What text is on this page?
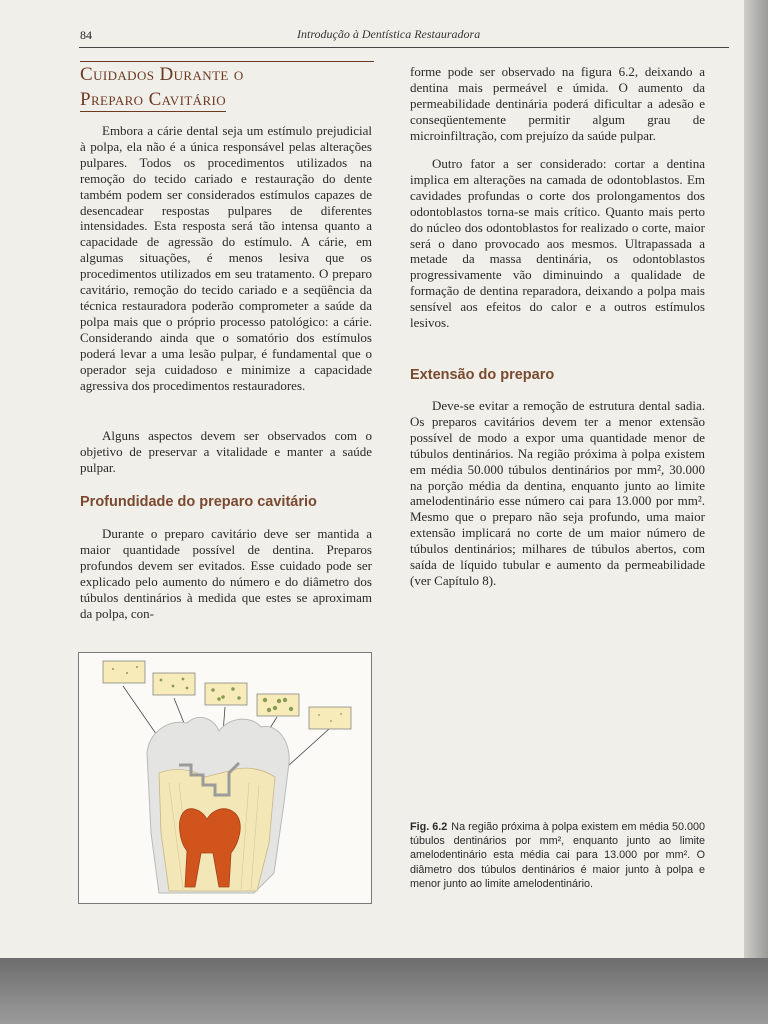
84	Introdução à Dentística Restauradora
Cuidados Durante o
Preparo Cavitário

Embora a cárie dental seja um estímulo prejudicial à polpa, ela não é a única responsável pelas alterações pulpares. Todos os procedimentos utilizados na remoção do tecido cariado e restauração do dente também podem ser considerados estímulos capazes de desencadear respostas pulpares de diferentes intensidades. Esta resposta será tão intensa quanto a capacidade de agressão do estímulo. A cárie, em algumas situações, é menos lesiva que os procedimentos utilizados em seu tratamento. O preparo cavitário, remoção do tecido cariado e a seqüência da técnica restauradora poderão comprometer a saúde da polpa mais que o próprio processo patológico: a cárie. Considerando ainda que o somatório dos estímulos poderá levar a uma lesão pulpar, é fundamental que o operador seja cuidadoso e minimize a capacidade agressiva dos procedimentos restauradores.

Alguns aspectos devem ser observados com o objetivo de preservar a vitalidade e manter a saúde pulpar.

Profundidade do preparo cavitário

Durante o preparo cavitário deve ser mantida a maior quantidade possível de dentina. Preparos profundos devem ser evitados. Esse cuidado pode ser explicado pelo aumento do número e do diâmetro dos túbulos dentinários à medida que estes se aproximam da polpa, con-

forme pode ser observado na figura 6.2, deixando a dentina mais permeável e úmida. O aumento da permeabilidade dentinária poderá dificultar a adesão e conseqüentemente permitir algum grau de microinfiltração, com prejuízo da saúde pulpar.

Outro fator a ser considerado: cortar a dentina implica em alterações na camada de odontoblastos. Em cavidades profundas o corte dos prolongamentos dos odontoblastos torna-se mais crítico. Quanto mais perto do núcleo dos odontoblastos for realizado o corte, maior será o dano provocado aos mesmos. Ultrapassada a metade da massa dentinária, os odontoblastos progressivamente vão diminuindo a qualidade de formação de dentina reparadora, deixando a polpa mais sensível aos efeitos do calor e a outros estímulos lesivos.

Extensão do preparo

Deve-se evitar a remoção de estrutura dental sadia. Os preparos cavitários devem ter a menor extensão possível de modo a expor uma quantidade menor de túbulos dentinários. Na região próxima à polpa existem em média 50.000 túbulos dentinários por mm², 30.000 na porção média da dentina, enquanto junto ao limite amelodentinário esse número cai para 13.000 por mm². Mesmo que o preparo não seja profundo, uma maior extensão implicará no corte de um maior número de túbulos dentinários; milhares de túbulos abertos, com saída de líquido tubular e aumento da permeabilidade (ver Capítulo 8).

Fig. 6.2 Na região próxima à polpa existem em média 50.000 túbulos dentinários por mm², enquanto junto ao limite amelodentinário esta média cai para 13.000 por mm². O diâmetro dos túbulos dentinários é maior junto à polpa e menor junto ao limite amelodentinário.
